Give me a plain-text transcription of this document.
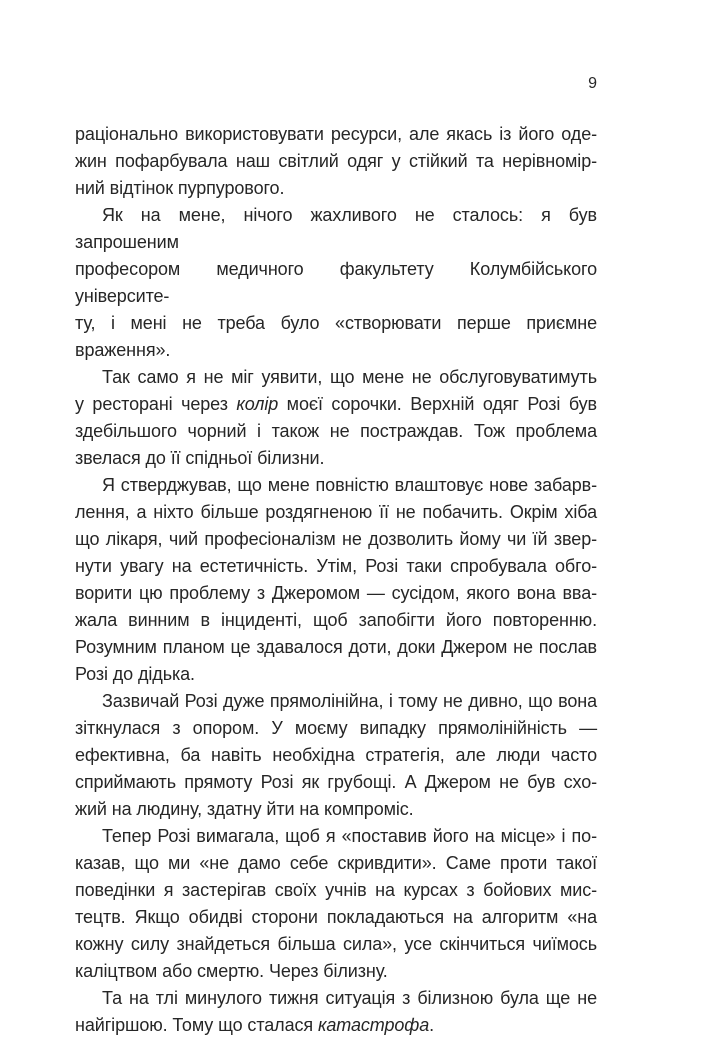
9
раціонально використовувати ресурси, але якась із його оде-
жин пофарбувала наш світлий одяг у стійкий та нерівномір-
ний відтінок пурпурового.
Як на мене, нічого жахливого не сталось: я був запрошеним
професором медичного факультету Колумбійського університе-
ту, і мені не треба було «створювати перше приємне враження».
Так само я не міг уявити, що мене не обслуговуватимуть
у ресторані через колір моєї сорочки. Верхній одяг Розі був
здебільшого чорний і також не постраждав. Тож проблема
звелася до її спідньої білизни.
Я стверджував, що мене повністю влаштовує нове забарв-
лення, а ніхто більше роздягненою її не побачить. Окрім хіба
що лікаря, чий професіоналізм не дозволить йому чи їй звер-
нути увагу на естетичність. Утім, Розі таки спробувала обго-
ворити цю проблему з Джеромом — сусідом, якого вона вва-
жала винним в інциденті, щоб запобігти його повторенню.
Розумним планом це здавалося доти, доки Джером не послав
Розі до дідька.
Зазвичай Розі дуже прямолінійна, і тому не дивно, що вона
зіткнулася з опором. У моєму випадку прямолінійність —
ефективна, ба навіть необхідна стратегія, але люди часто
сприймають прямоту Розі як грубощі. А Джером не був схо-
жий на людину, здатну йти на компроміс.
Тепер Розі вимагала, щоб я «поставив його на місце» і по-
казав, що ми «не дамо себе скривдити». Саме проти такої
поведінки я застерігав своїх учнів на курсах з бойових мис-
тецтв. Якщо обидві сторони покладаються на алгоритм «на
кожну силу знайдеться більша сила», усе скінчиться чиїмось
каліцтвом або смертю. Через білизну.
Та на тлі минулого тижня ситуація з білизною була ще не
найгіршою. Тому що сталася катастрофа.
